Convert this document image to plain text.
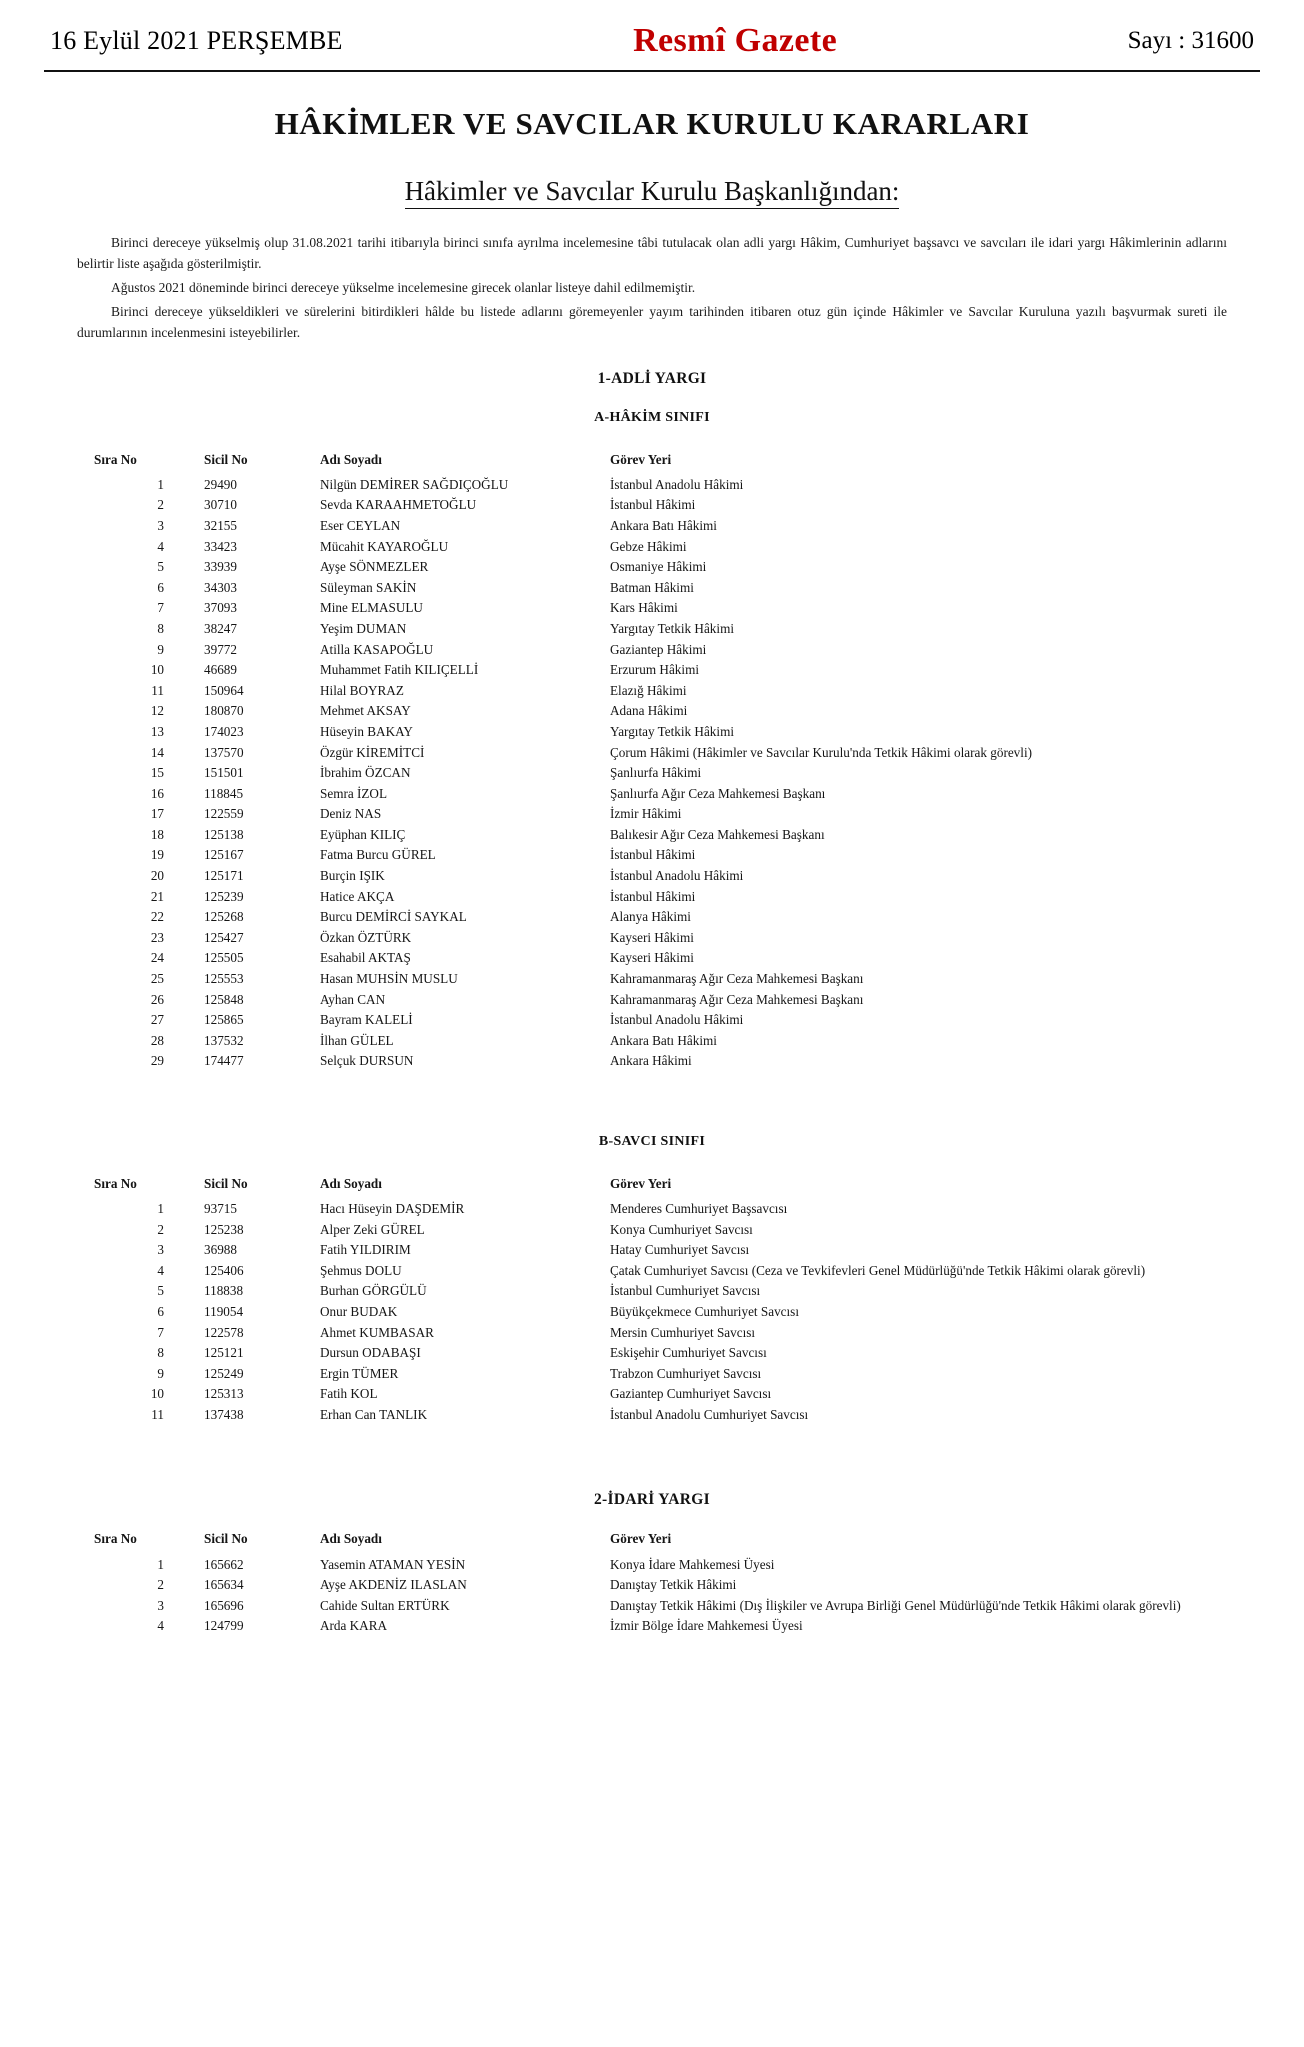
16 Eylül 2021 PERŞEMBE	Resmî Gazete	Sayı : 31600
HÂKİMLER VE SAVCILAR KURULU KARARLARI
Hâkimler ve Savcılar Kurulu Başkanlığından:

Birinci dereceye yükselmiş olup 31.08.2021 tarihi itibarıyla birinci sınıfa ayrılma incelemesine tâbi tutulacak olan adli yargı Hâkim, Cumhuriyet başsavcı ve savcıları ile idari yargı Hâkimlerinin adlarını belirtir liste aşağıda gösterilmiştir.

Ağustos 2021 döneminde birinci dereceye yükselme incelemesine girecek olanlar listeye dahil edilmemiştir.

Birinci dereceye yükseldikleri ve sürelerini bitirdikleri hâlde bu listede adlarını göremeyenler yayım tarihinden itibaren otuz gün içinde Hâkimler ve Savcılar Kuruluna yazılı başvurmak sureti ile durumlarının incelenmesini isteyebilirler.

1-ADLİ YARGI
A-HÂKİM SINIFI
Sıra No	Sicil No	Adı Soyadı	Görev Yeri
1	29490	Nilgün DEMİRER SAĞDIÇOĞLU	İstanbul Anadolu Hâkimi
2	30710	Sevda KARAAHMETOĞLU	İstanbul Hâkimi
3	32155	Eser CEYLAN	Ankara Batı Hâkimi
4	33423	Mücahit KAYAROĞLU	Gebze Hâkimi
5	33939	Ayşe SÖNMEZLER	Osmaniye Hâkimi
6	34303	Süleyman SAKİN	Batman Hâkimi
7	37093	Mine ELMASULU	Kars Hâkimi
8	38247	Yeşim DUMAN	Yargıtay Tetkik Hâkimi
9	39772	Atilla KASAPOĞLU	Gaziantep Hâkimi
10	46689	Muhammet Fatih KILIÇELLİ	Erzurum Hâkimi
11	150964	Hilal BOYRAZ	Elazığ Hâkimi
12	180870	Mehmet AKSAY	Adana Hâkimi
13	174023	Hüseyin BAKAY	Yargıtay Tetkik Hâkimi
14	137570	Özgür KİREMİTCİ	Çorum Hâkimi (Hâkimler ve Savcılar Kurulu'nda Tetkik Hâkimi olarak görevli)
15	151501	İbrahim ÖZCAN	Şanlıurfa Hâkimi
16	118845	Semra İZOL	Şanlıurfa Ağır Ceza Mahkemesi Başkanı
17	122559	Deniz NAS	İzmir Hâkimi
18	125138	Eyüphan KILIÇ	Balıkesir Ağır Ceza Mahkemesi Başkanı
19	125167	Fatma Burcu GÜREL	İstanbul Hâkimi
20	125171	Burçin IŞIK	İstanbul Anadolu Hâkimi
21	125239	Hatice AKÇA	İstanbul Hâkimi
22	125268	Burcu DEMİRCİ SAYKAL	Alanya Hâkimi
23	125427	Özkan ÖZTÜRK	Kayseri Hâkimi
24	125505	Esahabil AKTAŞ	Kayseri Hâkimi
25	125553	Hasan MUHSİN MUSLU	Kahramanmaraş Ağır Ceza Mahkemesi Başkanı
26	125848	Ayhan CAN	Kahramanmaraş Ağır Ceza Mahkemesi Başkanı
27	125865	Bayram KALELİ	İstanbul Anadolu Hâkimi
28	137532	İlhan GÜLEL	Ankara Batı Hâkimi
29	174477	Selçuk DURSUN	Ankara Hâkimi
B-SAVCI SINIFI
Sıra No	Sicil No	Adı Soyadı	Görev Yeri
1	93715	Hacı Hüseyin DAŞDEMİR	Menderes Cumhuriyet Başsavcısı
2	125238	Alper Zeki GÜREL	Konya Cumhuriyet Savcısı
3	36988	Fatih YILDIRIM	Hatay Cumhuriyet Savcısı
4	125406	Şehmus DOLU	Çatak Cumhuriyet Savcısı (Ceza ve Tevkifevleri Genel Müdürlüğü'nde Tetkik Hâkimi olarak görevli)
5	118838	Burhan GÖRGÜLÜ	İstanbul Cumhuriyet Savcısı
6	119054	Onur BUDAK	Büyükçekmece Cumhuriyet Savcısı
7	122578	Ahmet KUMBASAR	Mersin Cumhuriyet Savcısı
8	125121	Dursun ODABAŞI	Eskişehir Cumhuriyet Savcısı
9	125249	Ergin TÜMER	Trabzon Cumhuriyet Savcısı
10	125313	Fatih KOL	Gaziantep Cumhuriyet Savcısı
11	137438	Erhan Can TANLIK	İstanbul Anadolu Cumhuriyet Savcısı
2-İDARİ YARGI
Sıra No	Sicil No	Adı Soyadı	Görev Yeri
1	165662	Yasemin ATAMAN YESİN	Konya İdare Mahkemesi Üyesi
2	165634	Ayşe AKDENİZ ILASLAN	Danıştay Tetkik Hâkimi
3	165696	Cahide Sultan ERTÜRK	Danıştay Tetkik Hâkimi (Dış İlişkiler ve Avrupa Birliği Genel Müdürlüğü'nde Tetkik Hâkimi olarak görevli)
4	124799	Arda KARA	İzmir Bölge İdare Mahkemesi Üyesi
